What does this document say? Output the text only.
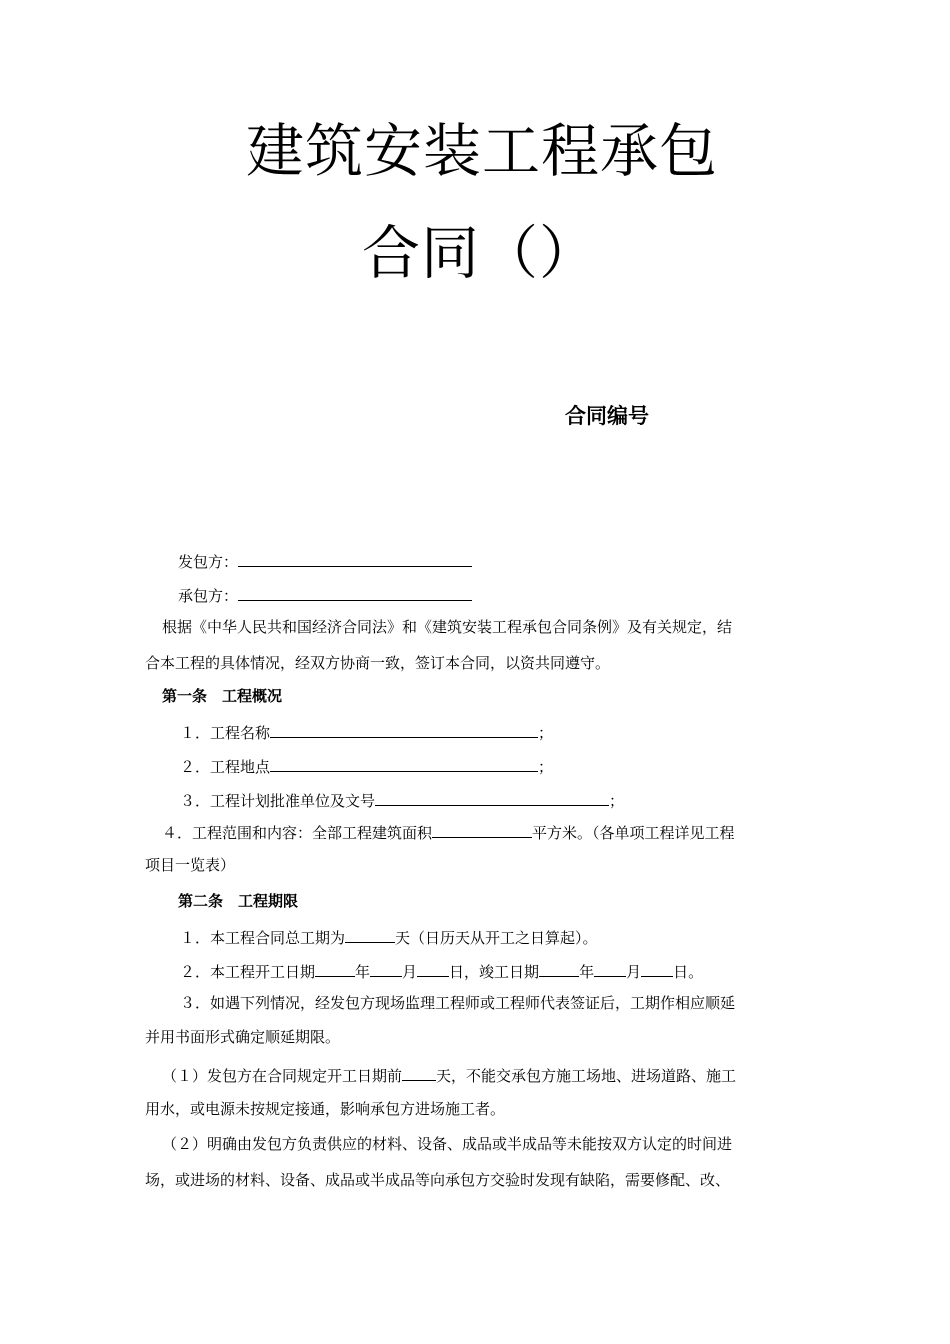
建筑安装工程承包
合同（）
合同编号
发包方：
承包方：
根据《中华人民共和国经济合同法》和《建筑安装工程承包合同条例》及有关规定，结
合本工程的具体情况，经双方协商一致，签订本合同，以资共同遵守。
第一条　工程概况
１．工程名称	；
２．工程地点	；
３．工程计划批准单位及文号	；
４．工程范围和内容：全部工程建筑面积	平方米。（各单项工程详见工程
项目一览表）
第二条　工程期限
１．本工程合同总工期为	天（日历天从开工之日算起）。
２．本工程开工日期	年 月 日，竣工日期	年 月 日。
３．如遇下列情况，经发包方现场监理工程师或工程师代表签证后，工期作相应顺延
并用书面形式确定顺延期限。
（１）发包方在合同规定开工日期前 天，不能交承包方施工场地、进场道路、施工
用水，或电源未按规定接通，影响承包方进场施工者。
（２）明确由发包方负责供应的材料、设备、成品或半成品等未能按双方认定的时间进
场，或进场的材料、设备、成品或半成品等向承包方交验时发现有缺陷，需要修配、改、
